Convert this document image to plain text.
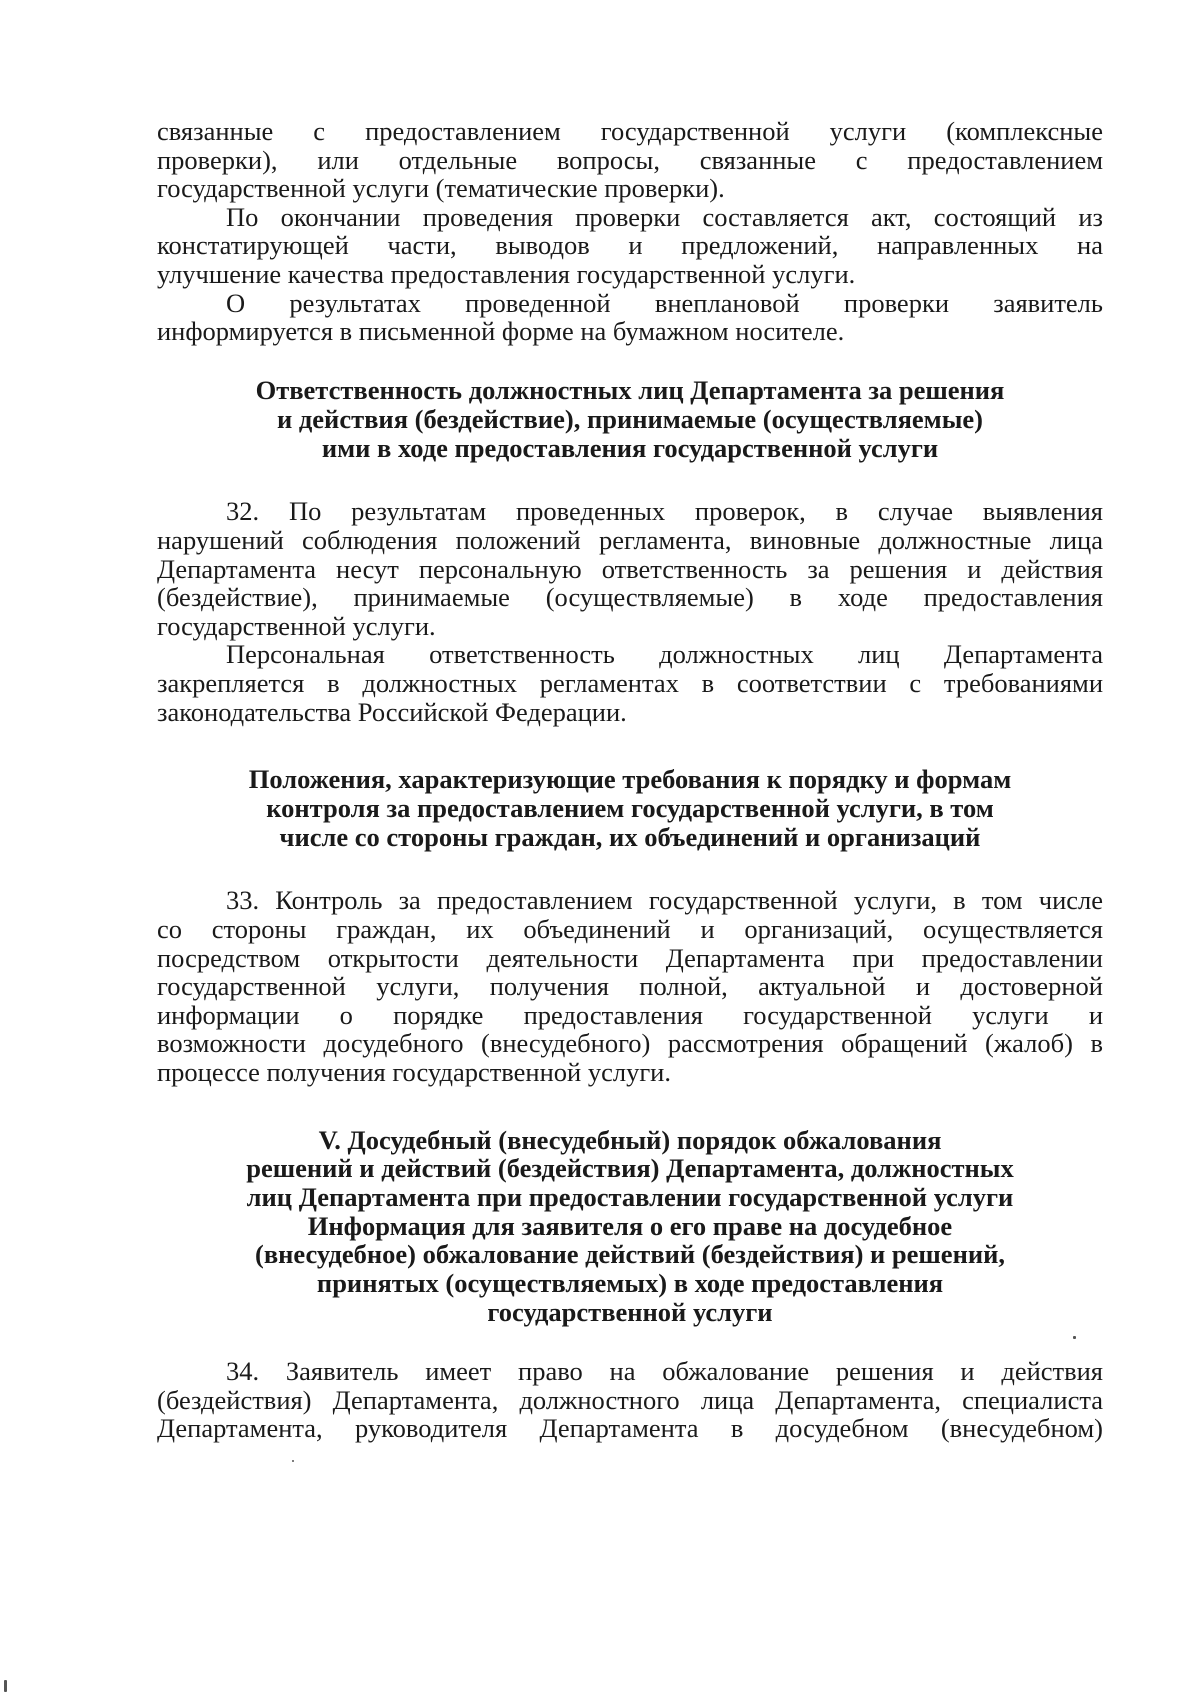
связанные с предоставлением государственной услуги (комплексные
проверки), или отдельные вопросы, связанные с предоставлением
государственной услуги (тематические проверки).
По окончании проведения проверки составляется акт, состоящий из
констатирующей части, выводов и предложений, направленных на
улучшение качества предоставления государственной услуги.
О результатах проведенной внеплановой проверки заявитель
информируется в письменной форме на бумажном носителе.
Ответственность должностных лиц Департамента за решения
и действия (бездействие), принимаемые (осуществляемые)
ими в ходе предоставления государственной услуги
32. По результатам проведенных проверок, в случае выявления
нарушений соблюдения положений регламента, виновные должностные лица
Департамента несут персональную ответственность за решения и действия
(бездействие), принимаемые (осуществляемые) в ходе предоставления
государственной услуги.
Персональная ответственность должностных лиц Департамента
закрепляется в должностных регламентах в соответствии с требованиями
законодательства Российской Федерации.
Положения, характеризующие требования к порядку и формам
контроля за предоставлением государственной услуги, в том
числе со стороны граждан, их объединений и организаций
33. Контроль за предоставлением государственной услуги, в том числе
со стороны граждан, их объединений и организаций, осуществляется
посредством открытости деятельности Департамента при предоставлении
государственной услуги, получения полной, актуальной и достоверной
информации о порядке предоставления государственной услуги и
возможности досудебного (внесудебного) рассмотрения обращений (жалоб) в
процессе получения государственной услуги.
V. Досудебный (внесудебный) порядок обжалования
решений и действий (бездействия) Департамента, должностных
лиц Департамента при предоставлении государственной услуги
Информация для заявителя о его праве на досудебное
(внесудебное) обжалование действий (бездействия) и решений,
принятых (осуществляемых) в ходе предоставления
государственной услуги
34. Заявитель имеет право на обжалование решения и действия
(бездействия) Департамента, должностного лица Департамента, специалиста
Департамента, руководителя Департамента в досудебном (внесудебном)
